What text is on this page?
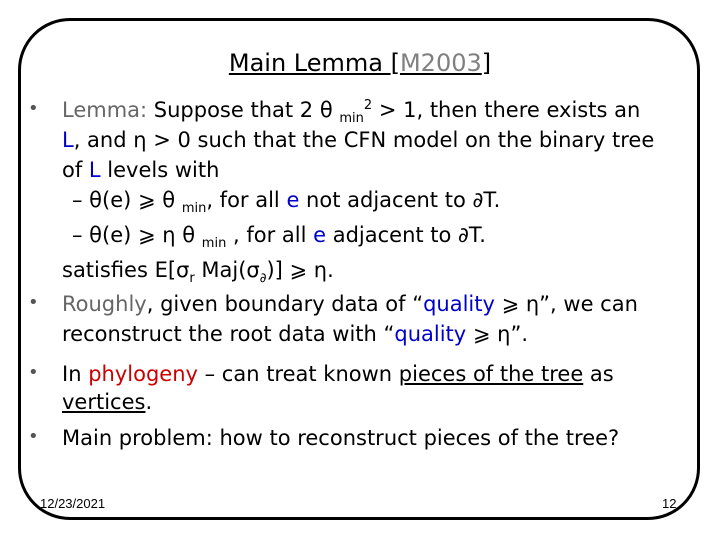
Main Lemma [M2003]
• Lemma: Suppose that 2 θ $_{min}^2$ > 1, then there exists an
L, and η > 0 such that the CFN model on the binary tree
of L levels with
– θ(e) ⩾ θ $_{min}$, for all e not adjacent to ∂T.
– θ(e) ⩾ η θ $_{min}$ , for all e adjacent to ∂T.
satisfies $E[\sigma_r$ $Maj(\sigma_\partial)$] ⩾ η.
• Roughly, given boundary data of “quality ⩾ η”, we can
reconstruct the root data with “quality ⩾ η”.
• In phylogeny – can treat known pieces of the tree as
vertices.
• Main problem: how to reconstruct pieces of the tree?
12/23/2021	12
